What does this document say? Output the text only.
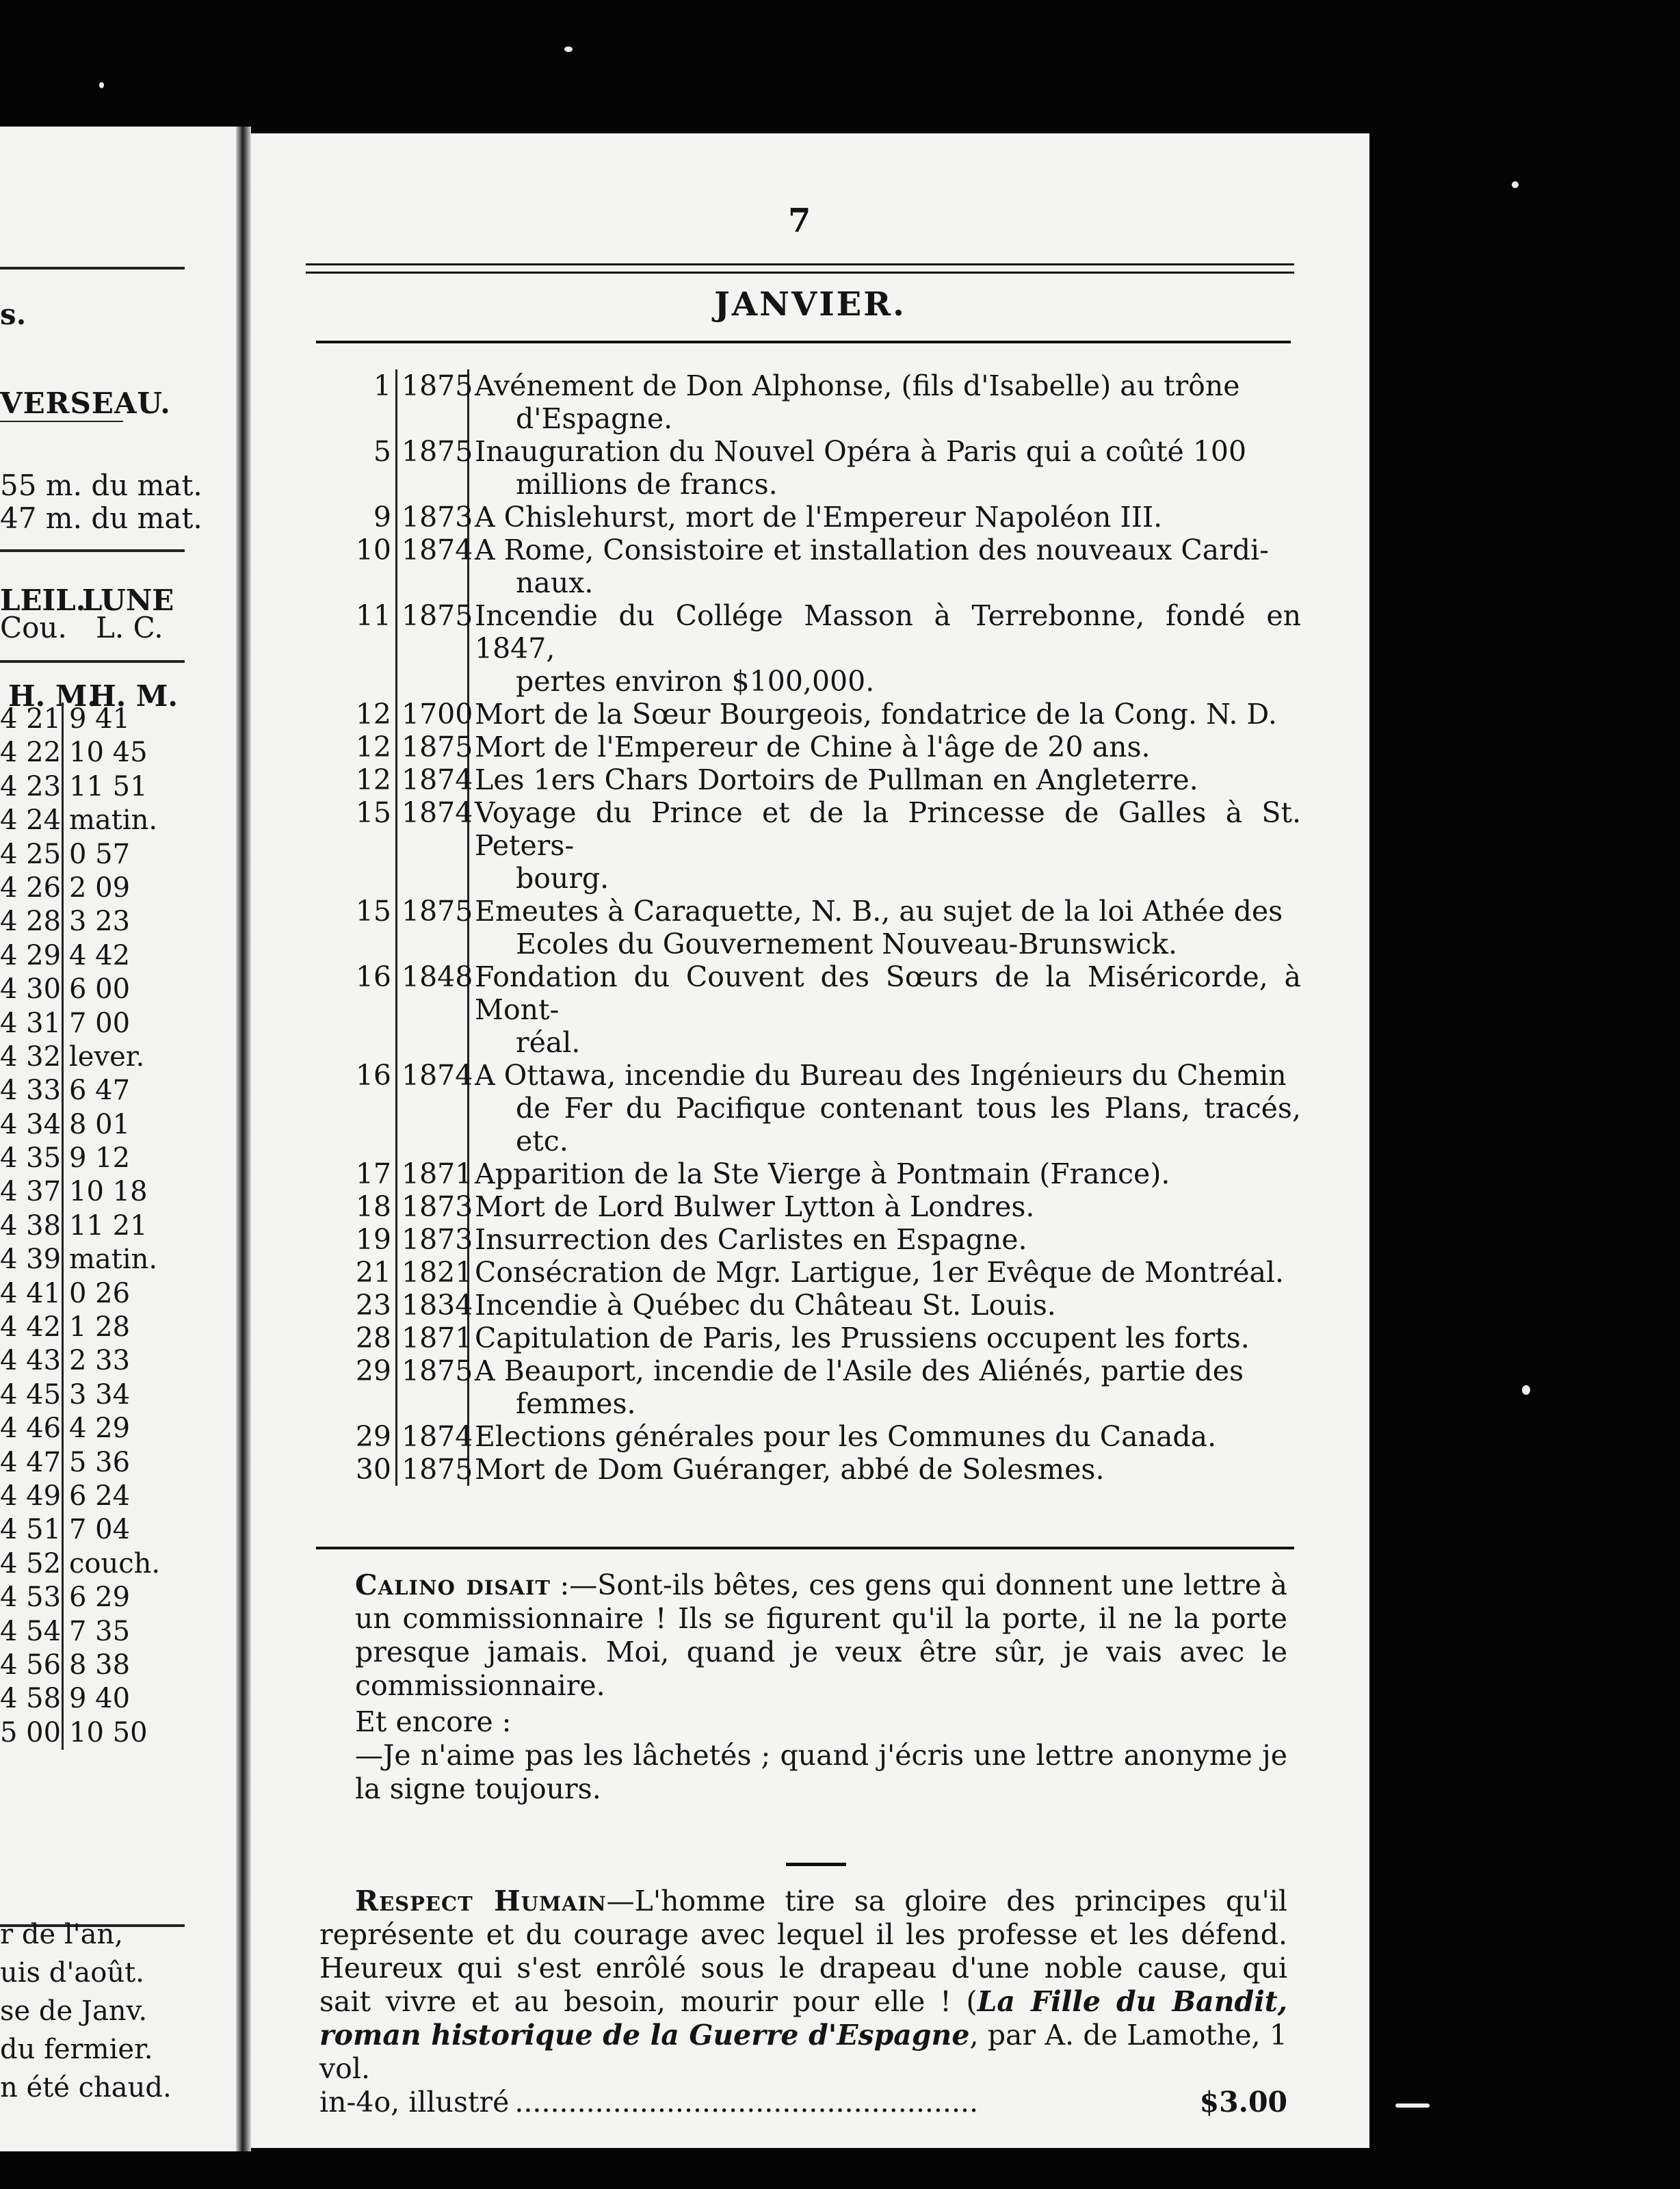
s.
VERSEAU.
55 m. du mat.
47 m. du mat.
LEIL.
LUNE
Cou. L. C.
H. M.
H. M.
4 21 9 41
4 22 10 45
4 23 11 51
4 24 matin.
4 25 0 57
4 26 2 09
4 28 3 23
4 29 4 42
4 30 6 00
4 31 7 00
4 32 lever.
4 33 6 47
4 34 8 01
4 35 9 12
4 37 10 18
4 38 11 21
4 39 matin.
4 41 0 26
4 42 1 28
4 43 2 33
4 45 3 34
4 46 4 29
4 47 5 36
4 49 6 24
4 51 7 04
4 52 couch.
4 53 6 29
4 54 7 35
4 56 8 38
4 58 9 40
5 00 10 50
r de l'an,
uis d'août.
se de Janv.
du fermier.
n été chaud.
7
JANVIER.
1 1875 Avénement de Don Alphonse, (fils d'Isabelle) au trône
d'Espagne.
5 1875 Inauguration du Nouvel Opéra à Paris qui a coûté 100
millions de francs.
9 1873 A Chislehurst, mort de l'Empereur Napoléon III.
10 1874 A Rome, Consistoire et installation des nouveaux Cardi-
naux.
11 1875 Incendie du Collége Masson à Terrebonne, fondé en 1847,
pertes environ $100,000.
12 1700 Mort de la Sœur Bourgeois, fondatrice de la Cong. N. D.
12 1875 Mort de l'Empereur de Chine à l'âge de 20 ans.
12 1874 Les 1ers Chars Dortoirs de Pullman en Angleterre.
15 1874 Voyage du Prince et de la Princesse de Galles à St. Peters-
bourg.
15 1875 Emeutes à Caraquette, N. B., au sujet de la loi Athée des
Ecoles du Gouvernement Nouveau-Brunswick.
16 1848 Fondation du Couvent des Sœurs de la Miséricorde, à Mont-
réal.
16 1874 A Ottawa, incendie du Bureau des Ingénieurs du Chemin
de Fer du Pacifique contenant tous les Plans, tracés, etc.
17 1871 Apparition de la Ste Vierge à Pontmain (France).
18 1873 Mort de Lord Bulwer Lytton à Londres.
19 1873 Insurrection des Carlistes en Espagne.
21 1821 Consécration de Mgr. Lartigue, 1er Evêque de Montréal.
23 1834 Incendie à Québec du Château St. Louis.
28 1871 Capitulation de Paris, les Prussiens occupent les forts.
29 1875 A Beauport, incendie de l'Asile des Aliénés, partie des
femmes.
29 1874 Elections générales pour les Communes du Canada.
30 1875 Mort de Dom Guéranger, abbé de Solesmes.

Calino disait :—Sont-ils bêtes, ces gens qui donnent une lettre à un commissionnaire ! Ils se figurent qu'il la porte, il ne la porte presque jamais. Moi, quand je veux être sûr, je vais avec le commissionnaire.

Et encore :

—Je n'aime pas les lâchetés ; quand j'écris une lettre anonyme je la signe toujours.

Respect Humain—L'homme tire sa gloire des principes qu'il représente et du courage avec lequel il les professe et les défend. Heureux qui s'est enrôlé sous le drapeau d'une noble cause, qui sait vivre et au besoin, mourir pour elle ! (La Fille du Bandit, roman historique de la Guerre d'Espagne, par A. de Lamothe, 1 vol.

in-4o, illustré ....................................................	$3.00
